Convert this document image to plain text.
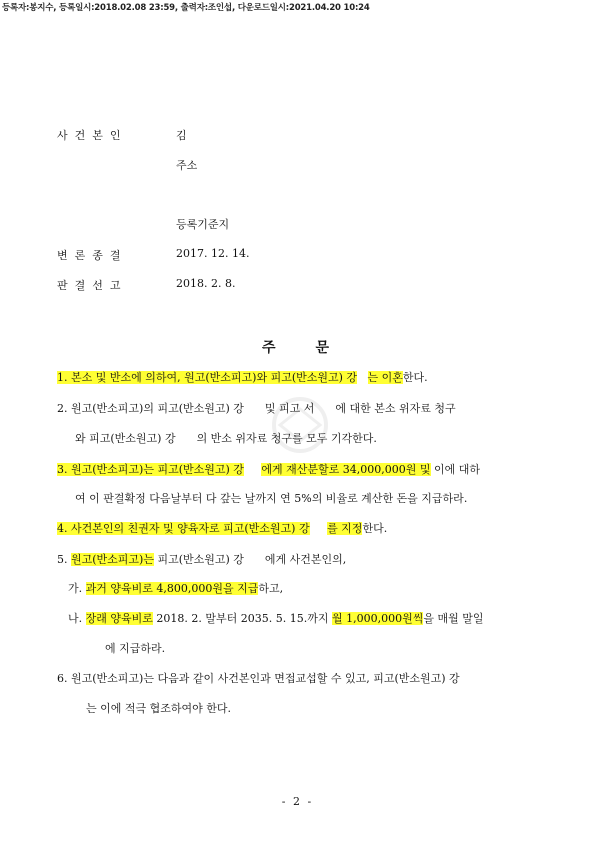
등록자:봉지수, 등록일시:2018.02.08 23:59, 출력자:조인섭, 다운로드일시:2021.04.20 10:24
사건본인	김
주소
등록기준지
변론종결	2017. 12. 14.
판결선고	2018. 2. 8.
주	문
1. 본소 및 반소에 의하여, 원고(반소피고)와 피고(반소원고) 강 는 이혼한다.
2. 원고(반소피고)의 피고(반소원고) 강      및 피고 서      에 대한 본소 위자료 청구
와 피고(반소원고) 강      의 반소 위자료 청구를 모두 기각한다.
3. 원고(반소피고)는 피고(반소원고) 강 에게 재산분할로 34,000,000원 및 이에 대하
여 이 판결확정 다음날부터 다 갚는 날까지 연 5%의 비율로 계산한 돈을 지급하라.
4. 사건본인의 친권자 및 양육자로 피고(반소원고) 강 를 지정한다.
5. 원고(반소피고)는 피고(반소원고) 강      에게 사건본인의,
가. 과거 양육비로 4,800,000원을 지급하고,
나. 장래 양육비로 2018. 2. 말부터 2035. 5. 15.까지 월 1,000,000원씩을 매월 말일
에 지급하라.
6. 원고(반소피고)는 다음과 같이 사건본인과 면접교섭할 수 있고, 피고(반소원고) 강
는 이에 적극 협조하여야 한다.
- 2 -
